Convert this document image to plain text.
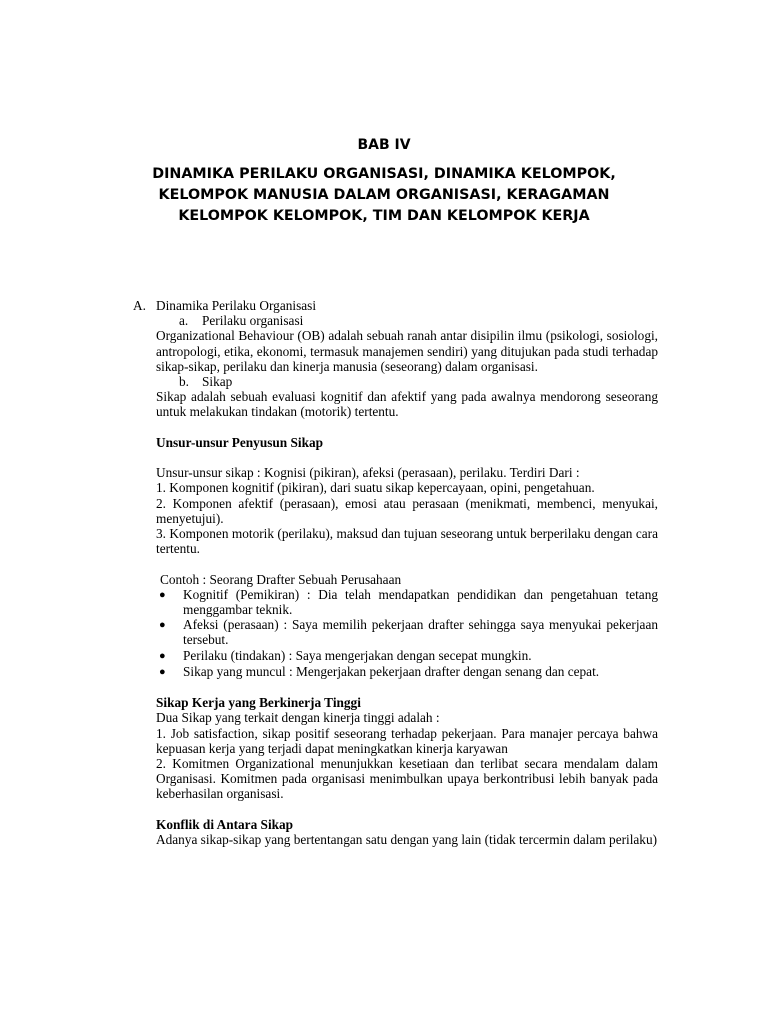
BAB IV
DINAMIKA PERILAKU ORGANISASI, DINAMIKA KELOMPOK,
KELOMPOK MANUSIA DALAM ORGANISASI, KERAGAMAN
KELOMPOK KELOMPOK, TIM DAN KELOMPOK KERJA
A. Dinamika Perilaku Organisasi
a.	Perilaku organisasi

Organizational Behaviour (OB) adalah sebuah ranah antar disipilin ilmu (psikologi, sosiologi, antropologi, etika, ekonomi, termasuk manajemen sendiri) yang ditujukan pada studi terhadap sikap-sikap, perilaku dan kinerja manusia (seseorang) dalam organisasi.

b. Sikap

Sikap adalah sebuah evaluasi kognitif dan afektif yang pada awalnya mendorong seseorang untuk melakukan tindakan (motorik) tertentu.

Unsur-unsur Penyusun Sikap

Unsur-unsur sikap : Kognisi (pikiran), afeksi (perasaan), perilaku. Terdiri Dari :

1. Komponen kognitif (pikiran), dari suatu sikap kepercayaan, opini, pengetahuan.

2. Komponen afektif (perasaan), emosi atau perasaan (menikmati, membenci, menyukai, menyetujui).

3. Komponen motorik (perilaku), maksud dan tujuan seseorang untuk berperilaku dengan cara tertentu.

Contoh : Seorang Drafter Sebuah Perusahaan

●	Kognitif (Pemikiran) : Dia telah mendapatkan pendidikan dan pengetahuan tetang menggambar teknik.
●	Afeksi (perasaan) : Saya memilih pekerjaan drafter sehingga saya menyukai pekerjaan tersebut.
●	Perilaku (tindakan) : Saya mengerjakan dengan secepat mungkin.
●	Sikap yang muncul : Mengerjakan pekerjaan drafter dengan senang dan cepat.

Sikap Kerja yang Berkinerja Tinggi

Dua Sikap yang terkait dengan kinerja tinggi adalah :

1. Job satisfaction, sikap positif seseorang terhadap pekerjaan. Para manajer percaya bahwa kepuasan kerja yang terjadi dapat meningkatkan kinerja karyawan

2. Komitmen Organizational menunjukkan kesetiaan dan terlibat secara mendalam dalam Organisasi. Komitmen pada organisasi menimbulkan upaya berkontribusi lebih banyak pada keberhasilan organisasi.

Konflik di Antara Sikap

Adanya sikap-sikap yang bertentangan satu dengan yang lain (tidak tercermin dalam perilaku)
